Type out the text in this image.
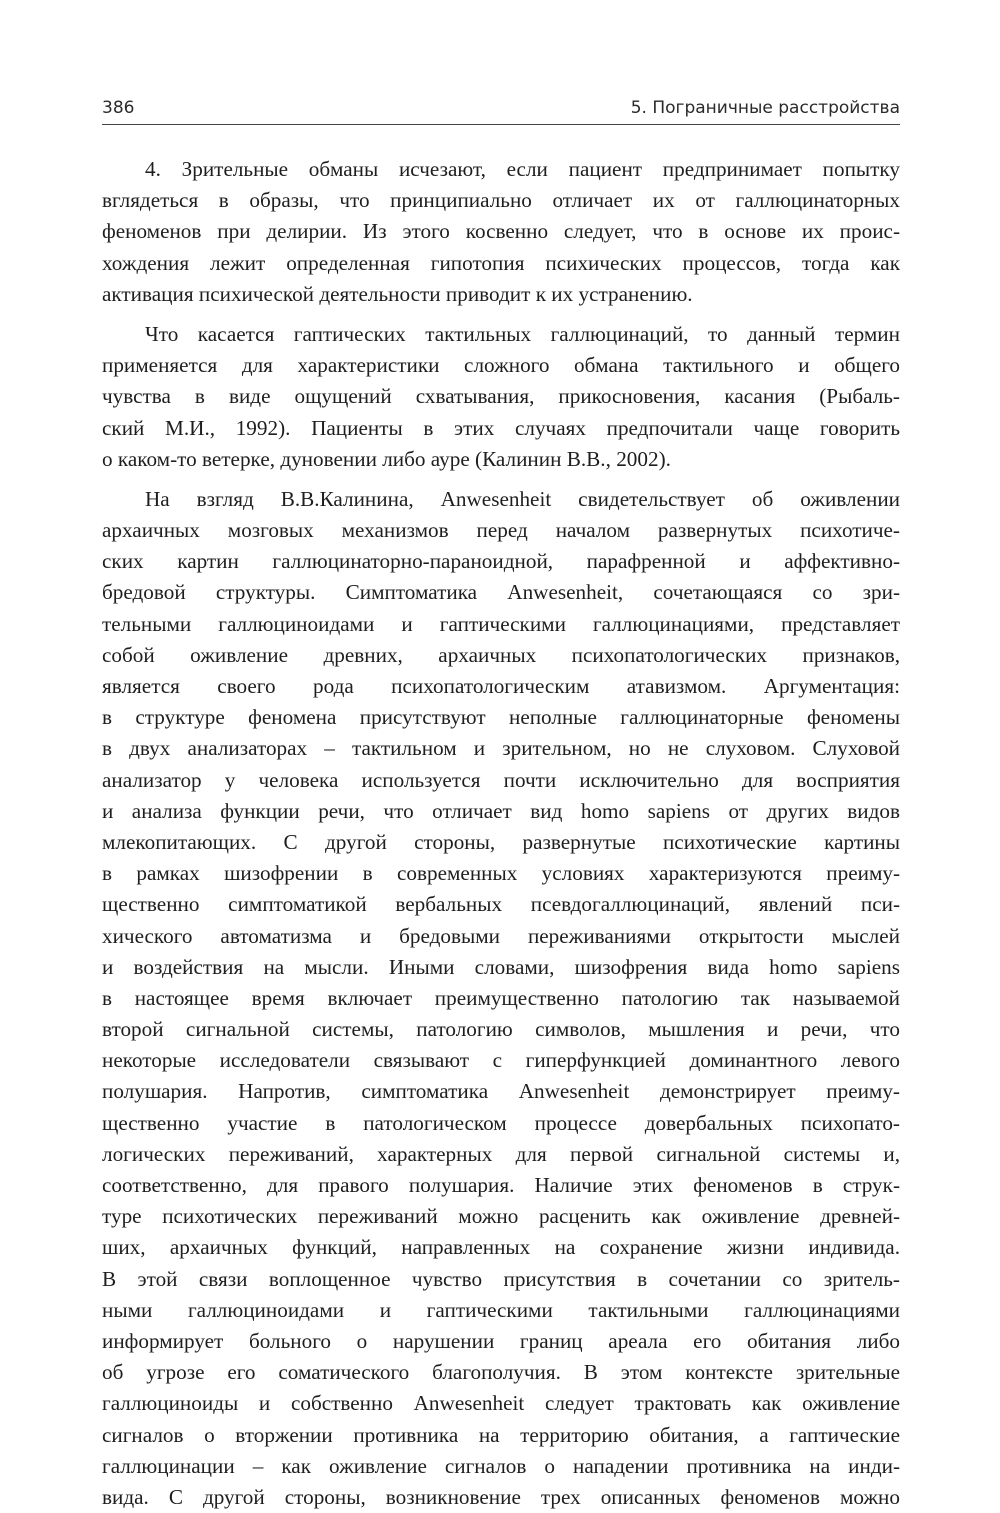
386	5. Пограничные расстройства
4. Зрительные обманы исчезают, если пациент предпринимает попытку
вглядеться в образы, что принципиально отличает их от галлюцинаторных
феноменов при делирии. Из этого косвенно следует, что в основе их проис-
хождения лежит определенная гипотопия психических процессов, тогда как
активация психической деятельности приводит к их устранению.
Что касается гаптических тактильных галлюцинаций, то данный термин
применяется для характеристики сложного обмана тактильного и общего
чувства в виде ощущений схватывания, прикосновения, касания (Рыбаль-
ский М.И., 1992). Пациенты в этих случаях предпочитали чаще говорить
о каком-то ветерке, дуновении либо ауре (Калинин В.В., 2002).
На взгляд В.В.Калинина, Anwesenheit свидетельствует об оживлении
архаичных мозговых механизмов перед началом развернутых психотиче-
ских картин галлюцинаторно-параноидной, парафренной и аффективно-
бредовой структуры. Симптоматика Anwesenheit, сочетающаяся со зри-
тельными галлюциноидами и гаптическими галлюцинациями, представляет
собой оживление древних, архаичных психопатологических признаков,
является своего рода психопатологическим атавизмом. Аргументация:
в структуре феномена присутствуют неполные галлюцинаторные феномены
в двух анализаторах – тактильном и зрительном, но не слуховом. Слуховой
анализатор у человека используется почти исключительно для восприятия
и анализа функции речи, что отличает вид homo sapiens от других видов
млекопитающих. С другой стороны, развернутые психотические картины
в рамках шизофрении в современных условиях характеризуются преиму-
щественно симптоматикой вербальных псевдогаллюцинаций, явлений пси-
хического автоматизма и бредовыми переживаниями открытости мыслей
и воздействия на мысли. Иными словами, шизофрения вида homo sapiens
в настоящее время включает преимущественно патологию так называемой
второй сигнальной системы, патологию символов, мышления и речи, что
некоторые исследователи связывают с гиперфункцией доминантного левого
полушария. Напротив, симптоматика Anwesenheit демонстрирует преиму-
щественно участие в патологическом процессе довербальных психопато-
логических переживаний, характерных для первой сигнальной системы и,
соответственно, для правого полушария. Наличие этих феноменов в струк-
туре психотических переживаний можно расценить как оживление древней-
ших, архаичных функций, направленных на сохранение жизни индивида.
В этой связи воплощенное чувство присутствия в сочетании со зритель-
ными галлюциноидами и гаптическими тактильными галлюцинациями
информирует больного о нарушении границ ареала его обитания либо
об угрозе его соматического благополучия. В этом контексте зрительные
галлюциноиды и собственно Anwesenheit следует трактовать как оживление
сигналов о вторжении противника на территорию обитания, а гаптические
галлюцинации – как оживление сигналов о нападении противника на инди-
вида. С другой стороны, возникновение трех описанных феноменов можно
